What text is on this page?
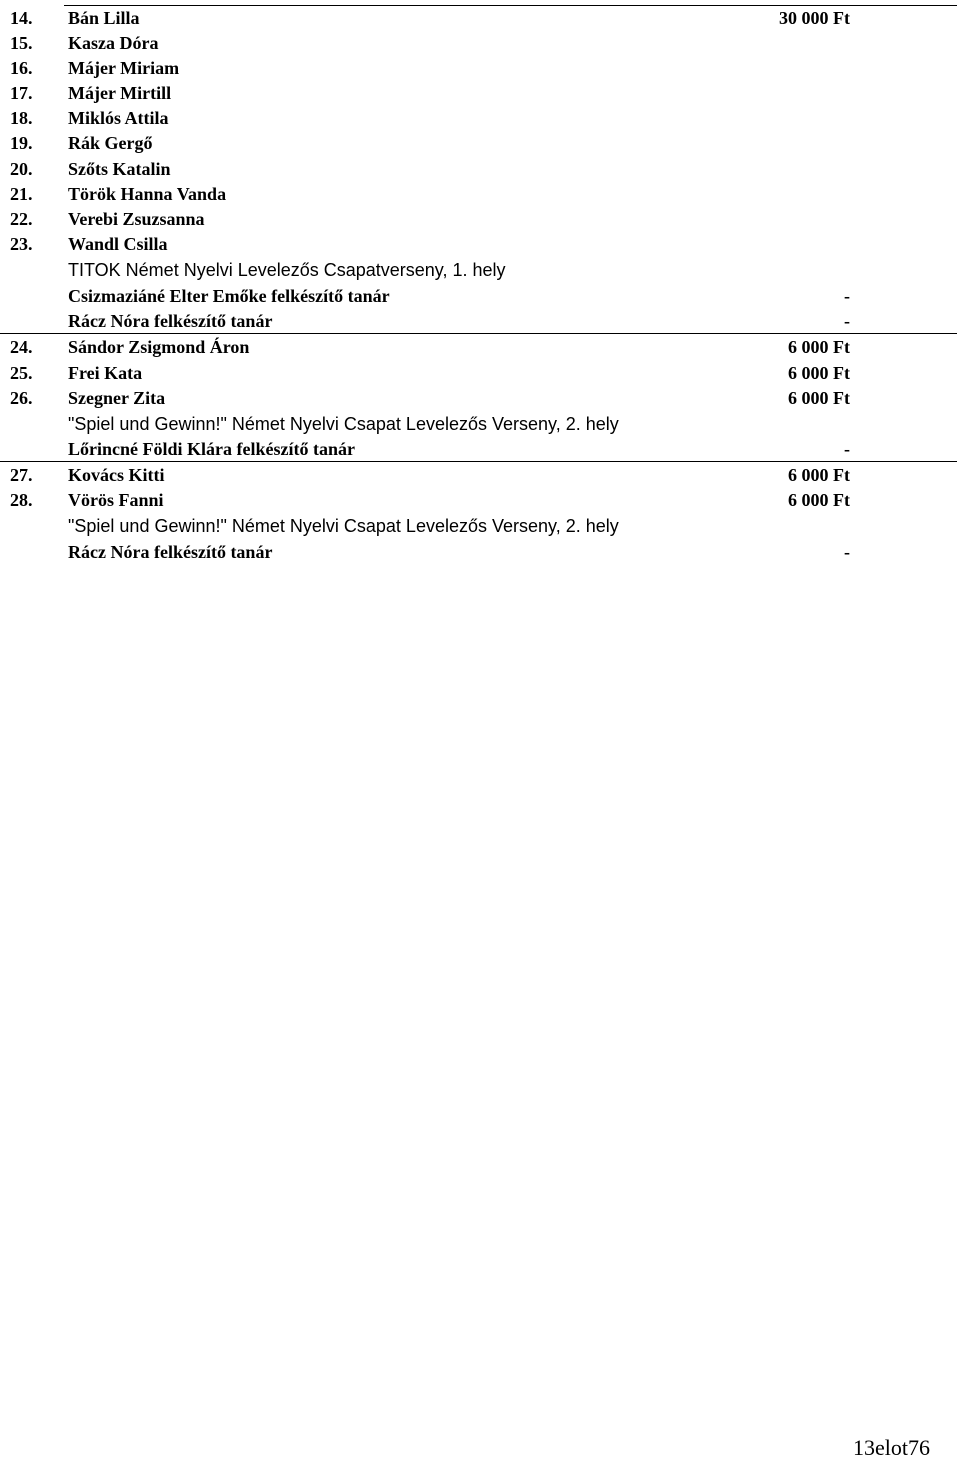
14. Bán Lilla	30 000 Ft
15. Kasza Dóra
16. Májer Miriam
17. Májer Mirtill
18. Miklós Attila
19. Rák Gergő
20. Szőts Katalin
21. Török Hanna Vanda
22. Verebi Zsuzsanna
23. Wandl Csilla
TITOK Német Nyelvi Levelezős Csapatverseny, 1. hely
Csizmaziáné Elter Emőke felkészítő tanár	-
Rácz Nóra felkészítő tanár	-
24. Sándor Zsigmond Áron	6 000 Ft
25. Frei Kata	6 000 Ft
26. Szegner Zita	6 000 Ft
"Spiel und Gewinn!" Német Nyelvi Csapat Levelezős Verseny, 2. hely
Lőrincné Földi Klára felkészítő tanár	-
27. Kovács Kitti	6 000 Ft
28. Vörös Fanni	6 000 Ft
"Spiel und Gewinn!" Német Nyelvi Csapat Levelezős Verseny, 2. hely
Rácz Nóra felkészítő tanár	-
13elot76
